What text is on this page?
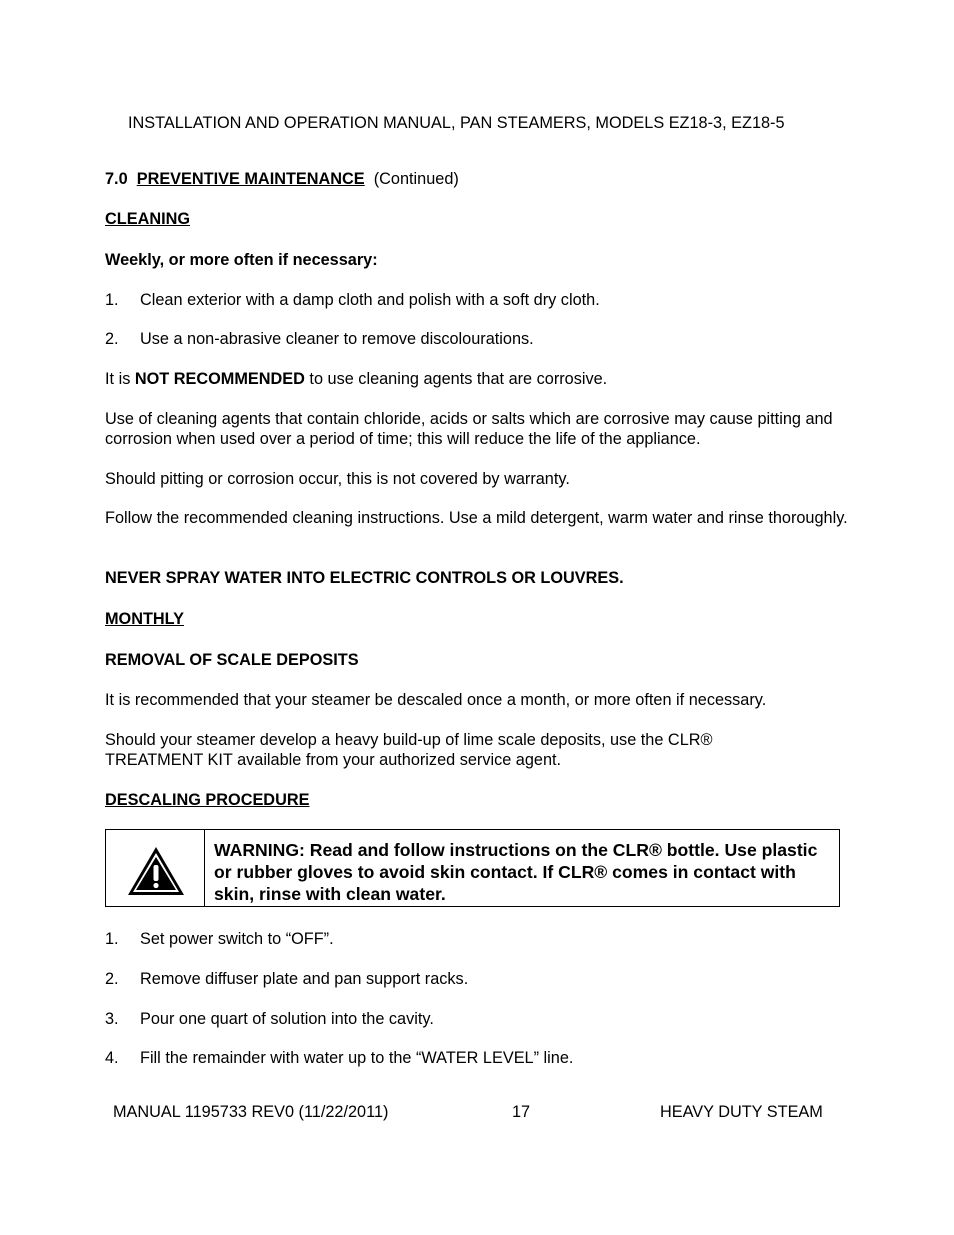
INSTALLATION AND OPERATION MANUAL, PAN STEAMERS, MODELS EZ18-3, EZ18-5
7.0 PREVENTIVE MAINTENANCE (Continued)
CLEANING
Weekly, or more often if necessary:
1. Clean exterior with a damp cloth and polish with a soft dry cloth.
2. Use a non-abrasive cleaner to remove discolourations.
It is NOT RECOMMENDED to use cleaning agents that are corrosive.
Use of cleaning agents that contain chloride, acids or salts which are corrosive may cause pitting and corrosion when used over a period of time; this will reduce the life of the appliance.
Should pitting or corrosion occur, this is not covered by warranty.
Follow the recommended cleaning instructions. Use a mild detergent, warm water and rinse thoroughly.
NEVER SPRAY WATER INTO ELECTRIC CONTROLS OR LOUVRES.
MONTHLY
REMOVAL OF SCALE DEPOSITS
It is recommended that your steamer be descaled once a month, or more often if necessary.
Should your steamer develop a heavy build-up of lime scale deposits, use the CLR® TREATMENT KIT available from your authorized service agent.
DESCALING PROCEDURE
WARNING: Read and follow instructions on the CLR® bottle. Use plastic or rubber gloves to avoid skin contact. If CLR® comes in contact with skin, rinse with clean water.
1. Set power switch to “OFF”.
2. Remove diffuser plate and pan support racks.
3. Pour one quart of solution into the cavity.
4. Fill the remainder with water up to the “WATER LEVEL” line.
MANUAL 1195733 REV0 (11/22/2011)	17	HEAVY DUTY STEAM
